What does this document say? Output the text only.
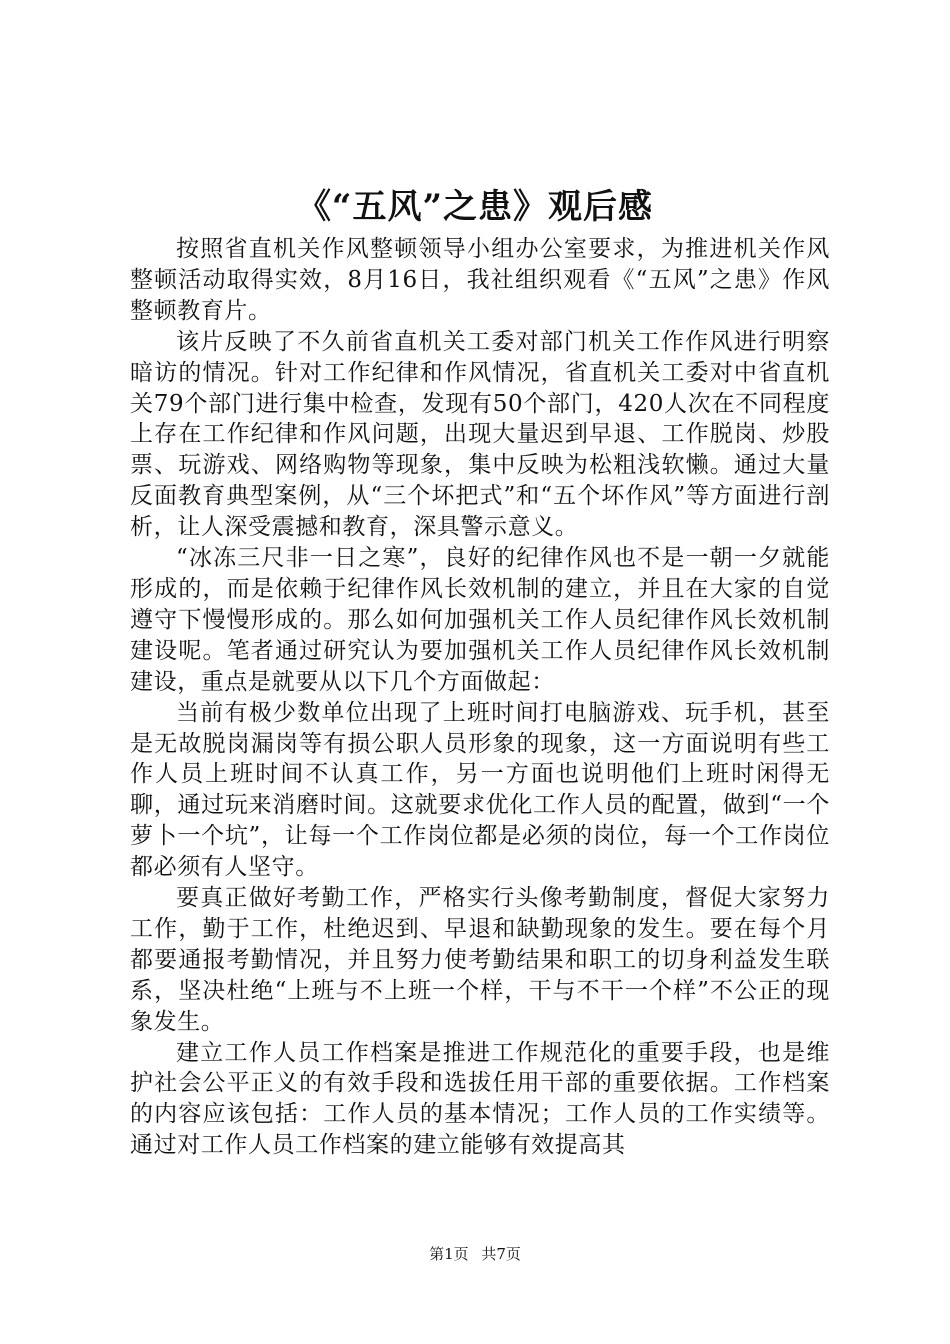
《“五风”之患》观后感

按照省直机关作风整顿领导小组办公室要求，为推进机关作风整顿活动取得实效，8月16日，我社组织观看《“五风”之患》作风整顿教育片。

该片反映了不久前省直机关工委对部门机关工作作风进行明察暗访的情况。针对工作纪律和作风情况，省直机关工委对中省直机关79个部门进行集中检查，发现有50个部门，420人次在不同程度上存在工作纪律和作风问题，出现大量迟到早退、工作脱岗、炒股票、玩游戏、网络购物等现象，集中反映为松粗浅软懒。通过大量反面教育典型案例，从“三个坏把式”和“五个坏作风”等方面进行剖析，让人深受震撼和教育，深具警示意义。

“冰冻三尺非一日之寒”，良好的纪律作风也不是一朝一夕就能形成的，而是依赖于纪律作风长效机制的建立，并且在大家的自觉遵守下慢慢形成的。那么如何加强机关工作人员纪律作风长效机制建设呢。笔者通过研究认为要加强机关工作人员纪律作风长效机制建设，重点是就要从以下几个方面做起：

当前有极少数单位出现了上班时间打电脑游戏、玩手机，甚至是无故脱岗漏岗等有损公职人员形象的现象，这一方面说明有些工作人员上班时间不认真工作，另一方面也说明他们上班时闲得无聊，通过玩来消磨时间。这就要求优化工作人员的配置，做到“一个萝卜一个坑”，让每一个工作岗位都是必须的岗位，每一个工作岗位都必须有人坚守。

要真正做好考勤工作，严格实行头像考勤制度，督促大家努力工作，勤于工作，杜绝迟到、早退和缺勤现象的发生。要在每个月都要通报考勤情况，并且努力使考勤结果和职工的切身利益发生联系，坚决杜绝“上班与不上班一个样，干与不干一个样”不公正的现象发生。

建立工作人员工作档案是推进工作规范化的重要手段，也是维护社会公平正义的有效手段和选拔任用干部的重要依据。工作档案的内容应该包括：工作人员的基本情况；工作人员的工作实绩等。通过对工作人员工作档案的建立能够有效提高其

第1页 共7页
